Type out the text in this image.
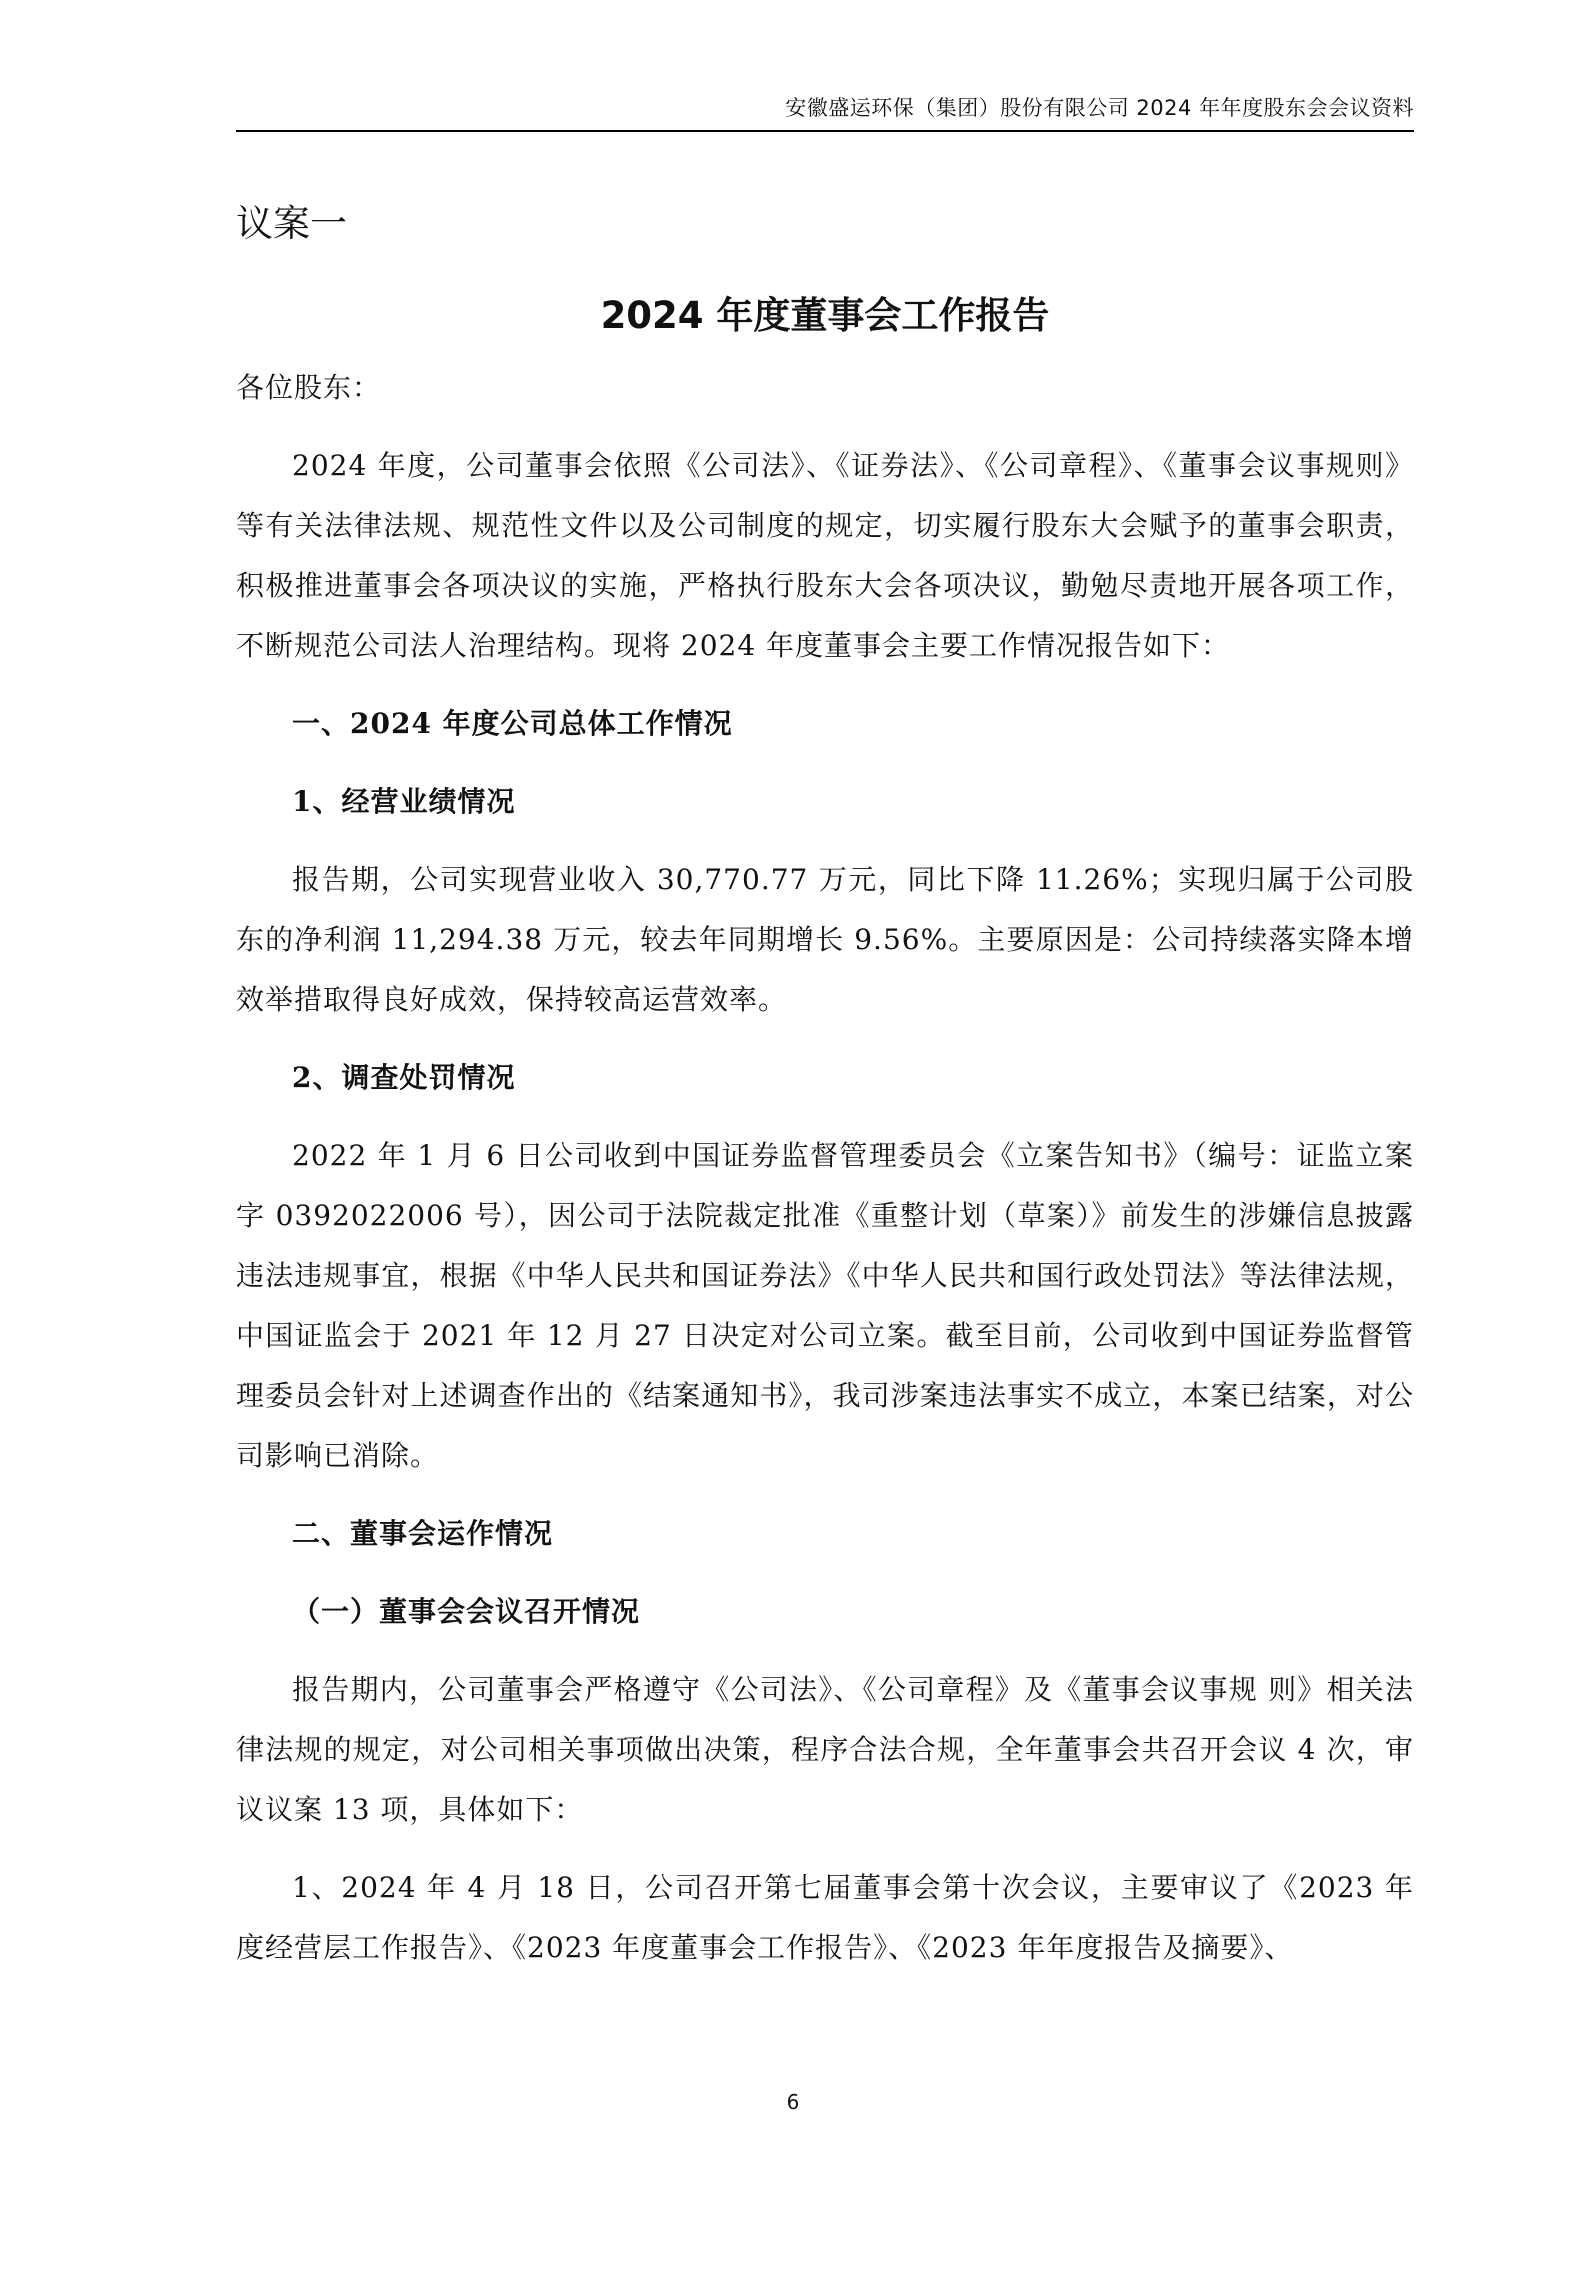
安徽盛运环保（集团）股份有限公司 2024 年年度股东会会议资料
议案一
2024 年度董事会工作报告

各位股东：

2024 年度，公司董事会依照《公司法》、《证券法》、《公司章程》、《董事会议事规则》等有关法律法规、规范性文件以及公司制度的规定，切实履行股东大会赋予的董事会职责，积极推进董事会各项决议的实施，严格执行股东大会各项决议，勤勉尽责地开展各项工作，不断规范公司法人治理结构。现将 2024 年度董事会主要工作情况报告如下：

一、2024 年度公司总体工作情况

1、经营业绩情况

报告期，公司实现营业收入 30,770.77 万元，同比下降 11.26%；实现归属于公司股东的净利润 11,294.38 万元，较去年同期增长 9.56%。主要原因是：公司持续落实降本增效举措取得良好成效，保持较高运营效率。

2、调查处罚情况

2022 年 1 月 6 日公司收到中国证券监督管理委员会《立案告知书》（编号：证监立案字 0392022006 号），因公司于法院裁定批准《重整计划（草案）》前发生的涉嫌信息披露违法违规事宜，根据《中华人民共和国证券法》《中华人民共和国行政处罚法》等法律法规，中国证监会于 2021 年 12 月 27 日决定对公司立案。截至目前，公司收到中国证券监督管理委员会针对上述调查作出的《结案通知书》，我司涉案违法事实不成立，本案已结案，对公司影响已消除。

二、董事会运作情况

（一）董事会会议召开情况

报告期内，公司董事会严格遵守《公司法》、《公司章程》及《董事会议事规 则》相关法律法规的规定，对公司相关事项做出决策，程序合法合规，全年董事会共召开会议 4 次，审议议案 13 项，具体如下：

1、2024 年 4 月 18 日，公司召开第七届董事会第十次会议，主要审议了《2023 年度经营层工作报告》、《2023 年度董事会工作报告》、《2023 年年度报告及摘要》、

6
